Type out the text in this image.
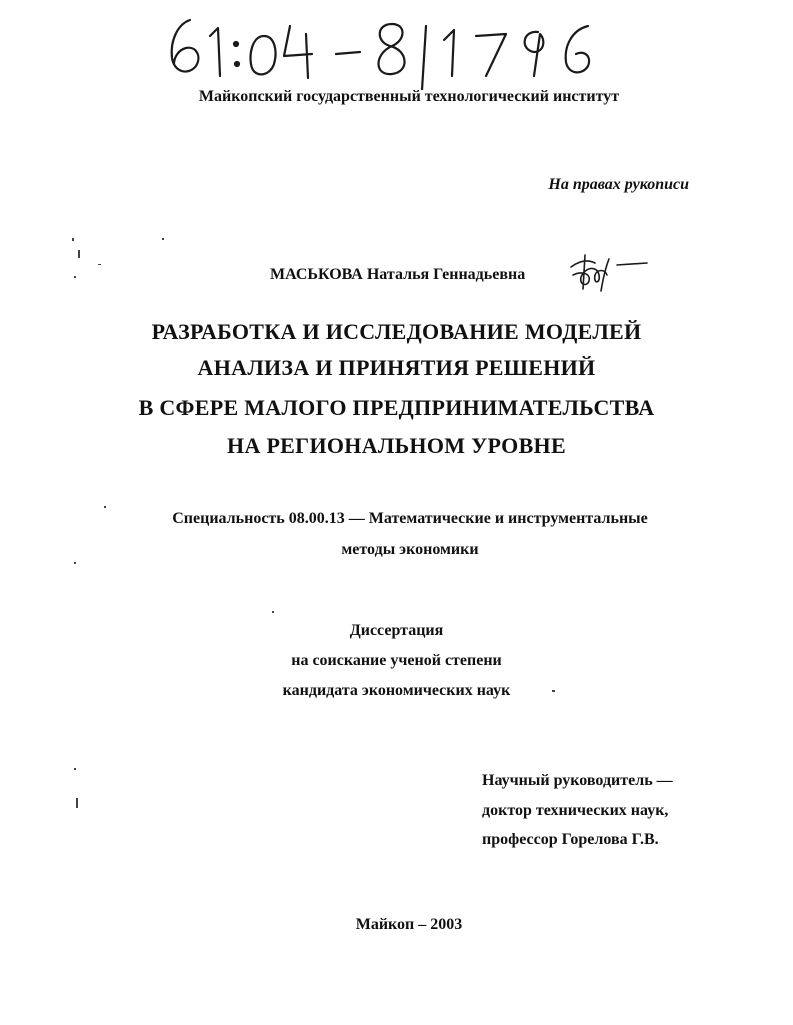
Майкопский государственный технологический институт
На правах рукописи
МАСЬКОВА Наталья Геннадьевна
РАЗРАБОТКА И ИССЛЕДОВАНИЕ МОДЕЛЕЙ
АНАЛИЗА И ПРИНЯТИЯ РЕШЕНИЙ
В СФЕРЕ МАЛОГО ПРЕДПРИНИМАТЕЛЬСТВА
НА РЕГИОНАЛЬНОМ УРОВНЕ
Специальность 08.00.13 — Математические и инструментальные
методы экономики
Диссертация
на соискание ученой степени
кандидата экономических наук
Научный руководитель —
доктор технических наук,
профессор Горелова Г.В.
Майкоп – 2003
